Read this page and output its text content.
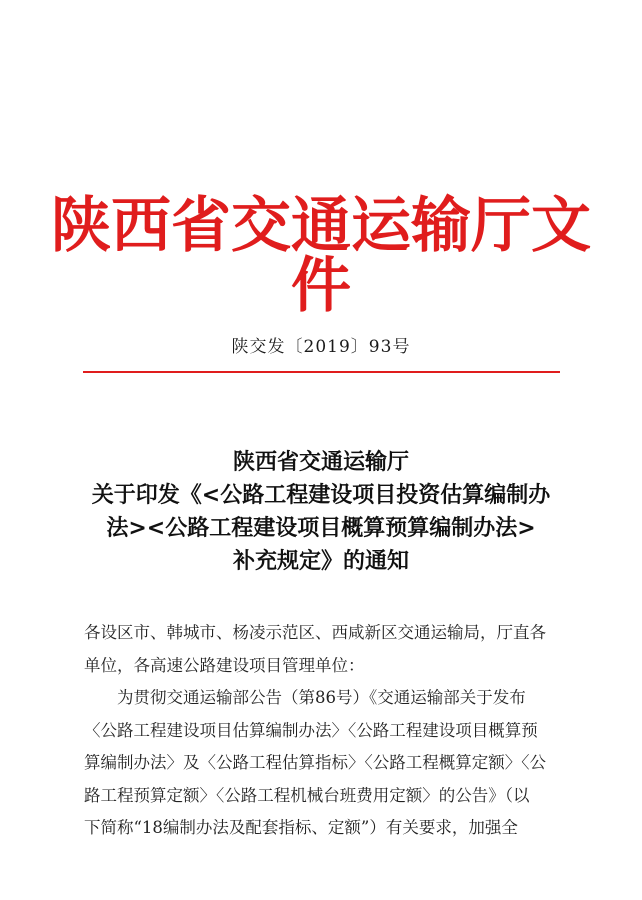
陕西省交通运输厅文件
陕交发〔2019〕93号
陕西省交通运输厅
关于印发《<公路工程建设项目投资估算编制办
法><公路工程建设项目概算预算编制办法>
补充规定》的通知

各设区市、韩城市、杨凌示范区、西咸新区交通运输局，厅直各
单位，各高速公路建设项目管理单位：

为贯彻交通运输部公告（第86号）《交通运输部关于发布
〈公路工程建设项目估算编制办法〉〈公路工程建设项目概算预
算编制办法〉及〈公路工程估算指标〉〈公路工程概算定额〉〈公
路工程预算定额〉〈公路工程机械台班费用定额〉的公告》（以
下简称“18编制办法及配套指标、定额”）有关要求，加强全
